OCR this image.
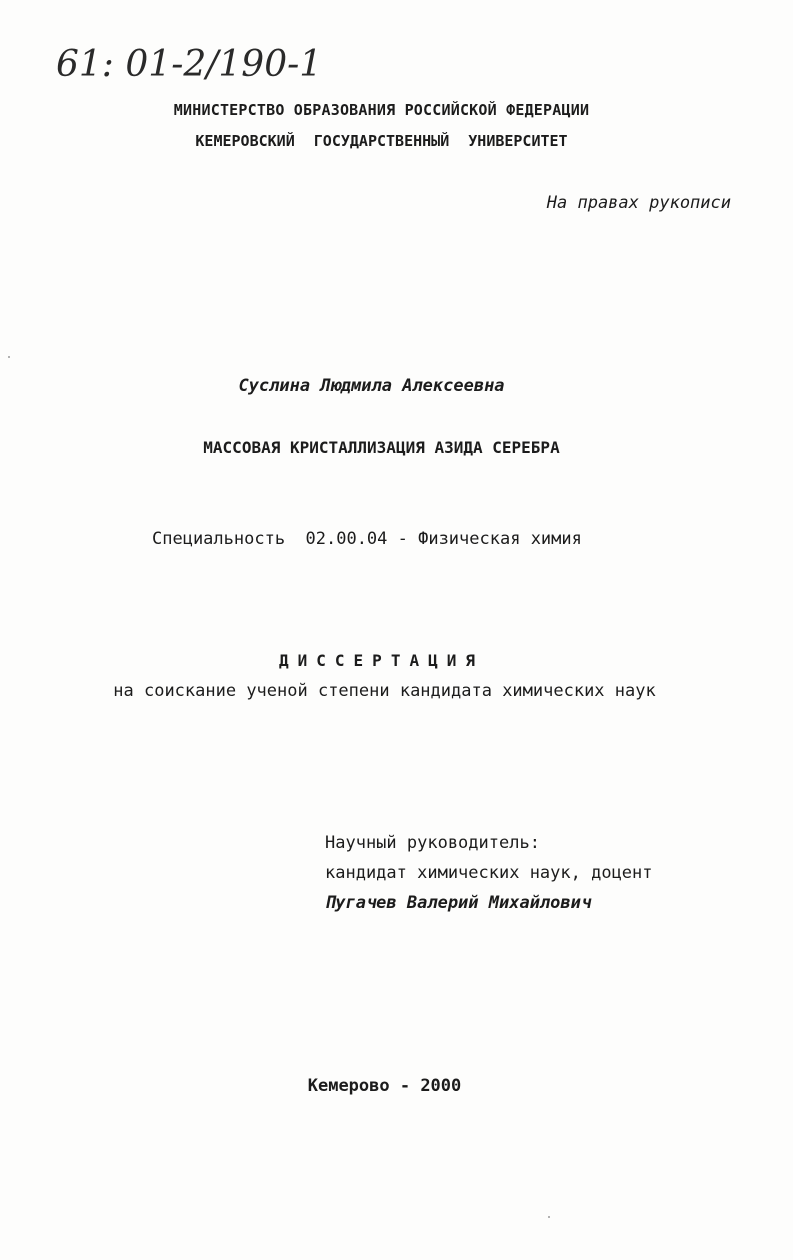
61: 01-2/190-1
МИНИСТЕРСТВО ОБРАЗОВАНИЯ РОССИЙСКОЙ ФЕДЕРАЦИИ
КЕМЕРОВСКИЙ ГОСУДАРСТВЕННЫЙ УНИВЕРСИТЕТ
На правах рукописи
Суслина Людмила Алексеевна
МАССОВАЯ КРИСТАЛЛИЗАЦИЯ АЗИДА СЕРЕБРА
Специальность  02.00.04 - Физическая химия
ДИССЕРТАЦИЯ
на соискание ученой степени кандидата химических наук
Научный руководитель:
кандидат химических наук, доцент
Пугачев Валерий Михайлович
Кемерово - 2000
